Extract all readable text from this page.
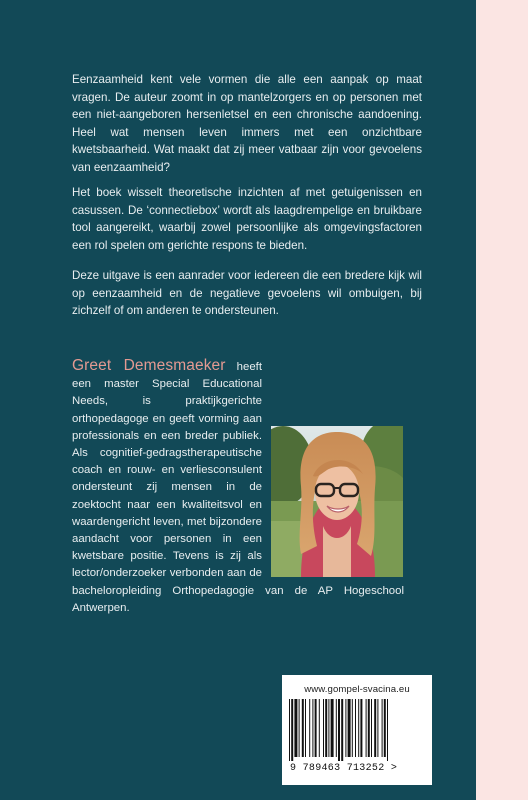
Eenzaamheid kent vele vormen die alle een aanpak op maat vragen. De auteur zoomt in op mantelzorgers en op personen met een niet-aangeboren hersenletsel en een chronische aandoening. Heel wat mensen leven immers met een onzichtbare kwetsbaarheid. Wat maakt dat zij meer vatbaar zijn voor gevoelens van eenzaamheid?

Het boek wisselt theoretische inzichten af met getuigenissen en casussen. De ‘connectiebox’ wordt als laagdrempelige en bruikbare tool aangereikt, waarbij zowel persoonlijke als omgevingsfactoren een rol spelen om gerichte respons te bieden.

Deze uitgave is een aanrader voor iedereen die een bredere kijk wil op eenzaamheid en de negatieve gevoelens wil ombuigen, bij zichzelf of om anderen te ondersteunen.

Greet Demesmaeker heeft een master Special Educational Needs, is praktijkgerichte orthopedagoge en geeft vorming aan professionals en een breder publiek. Als cognitief-gedragstherapeutische coach en rouw- en verliesconsulent ondersteunt zij mensen in de zoektocht naar een kwaliteitsvol en waardengericht leven, met bijzondere aandacht voor personen in een kwetsbare positie. Tevens is zij als lector/onderzoeker verbonden aan de bacheloropleiding Orthopedagogie van de AP Hogeschool Antwerpen.

www.gompel-svacina.eu
9 789463 713252 >
